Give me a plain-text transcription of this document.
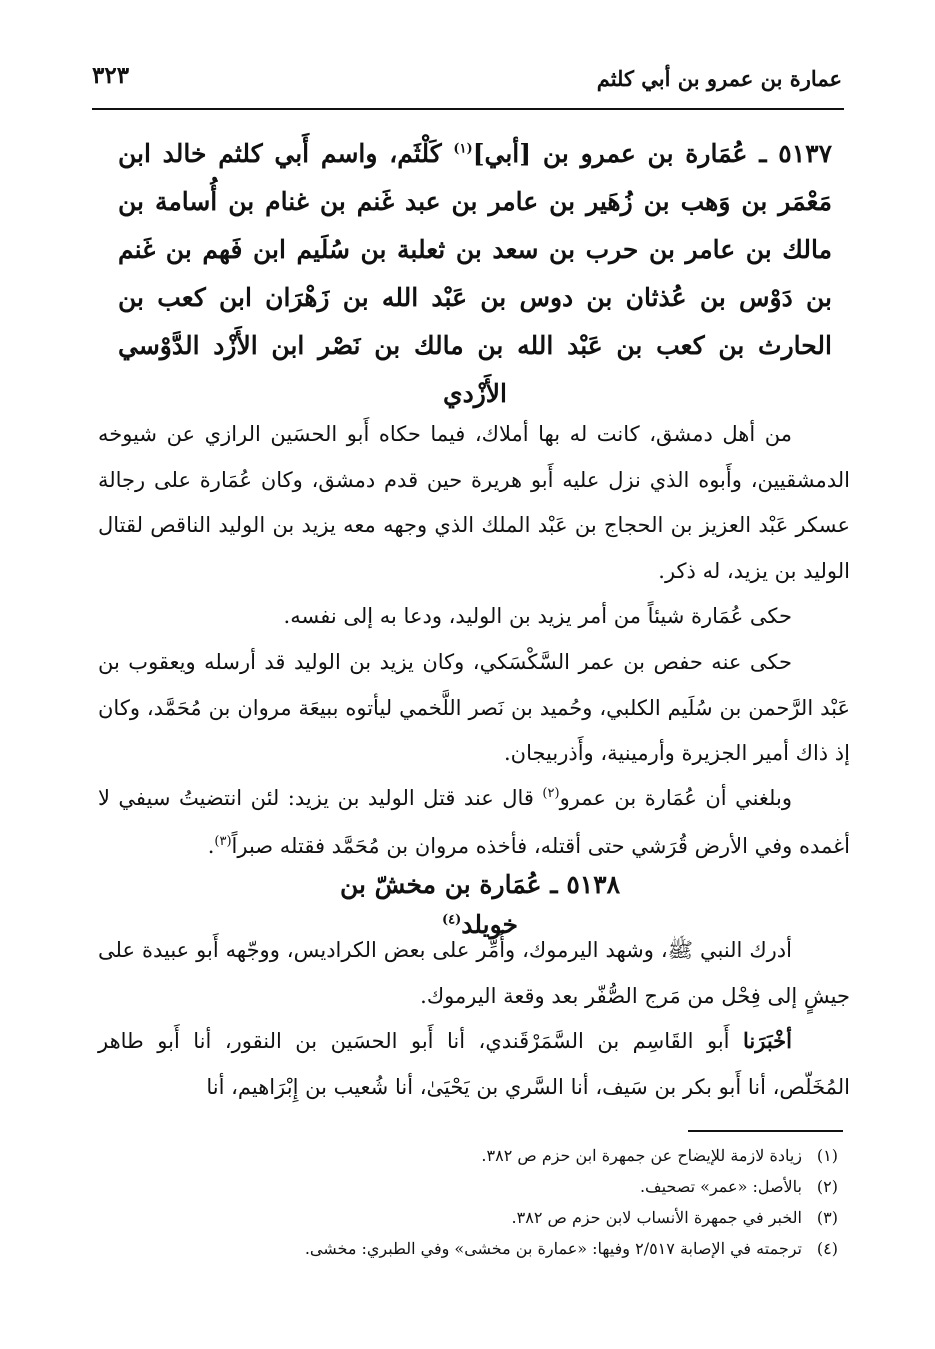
عمارة بن عمرو بن أبي كلثم
٣٢٣
٥١٣٧ ـ عُمَارة بن عمرو بن [أبي]$^{(١)}$ كَلْثَم، واسم أَبي كلثم خالد ابن مَعْمَر بن وَهب بن زُهَير بن عامر بن عبد غَنم بن غنام بن أُسامة بن مالك بن عامر بن حرب بن سعد بن ثعلبة بن سُلَيم ابن فَهم بن غَنم بن دَوْس بن عُذثان بن دوس بن عَبْد الله بن زَهْرَان ابن كعب بن الحارث بن كعب بن عَبْد الله بن مالك بن نَصْر ابن الأَزْد الدَّوْسي الأَزْدي
من أهل دمشق، كانت له بها أملاك، فيما حكاه أَبو الحسَين الرازي عن شيوخه الدمشقيين، وأَبوه الذي نزل عليه أَبو هريرة حين قدم دمشق، وكان عُمَارة على رجالة عسكر عَبْد العزيز بن الحجاج بن عَبْد الملك الذي وجهه معه يزيد بن الوليد الناقص لقتال الوليد بن يزيد، له ذكر.
حكى عُمَارة شيئاً من أمر يزيد بن الوليد، ودعا به إلى نفسه.
حكى عنه حفص بن عمر السَّكْسَكي، وكان يزيد بن الوليد قد أرسله ويعقوب بن عَبْد الرَّحمن بن سُلَيم الكلبي، وحُميد بن نَصر اللَّخمي ليأتوه ببيعَة مروان بن مُحَمَّد، وكان إذ ذاك أمير الجزيرة وأرمينية، وأَذربيجان.
وبلغني أن عُمَارة بن عمرو$^{(٢)}$ قال عند قتل الوليد بن يزيد: لئن انتضيتُ سيفي لا أغمده وفي الأرض قُرَشي حتى أقتله، فأخذه مروان بن مُحَمَّد فقتله صبراً$^{(٣)}$.
٥١٣٨ ـ عُمَارة بن مخشّ بن خويلد$^{(٤)}$
أدرك النبي ﷺ، وشهد اليرموك، وأُمِّر على بعض الكراديس، ووجّهه أَبو عبيدة على جيشٍ إلى فِحْل من مَرج الصُّفّر بعد وقعة اليرموك.
أخْبَرَنا أَبو القَاسِم بن السَّمَرْقَندي، أنا أَبو الحسَين بن النقور، أنا أَبو طاهر المُخَلّص، أنا أَبو بكر بن سَيف، أنا السَّري بن يَحْيَىٰ، أنا شُعيب بن إِبْرَاهيم، أنا
(١)
زيادة لازمة للإيضاح عن جمهرة ابن حزم ص ٣٨٢.
(٢)
بالأصل: «عمر» تصحيف.
(٣)
الخبر في جمهرة الأنساب لابن حزم ص ٣٨٢.
(٤)
ترجمته في الإصابة ٢/٥١٧ وفيها: «عمارة بن مخشى» وفي الطبري: مخشى.
